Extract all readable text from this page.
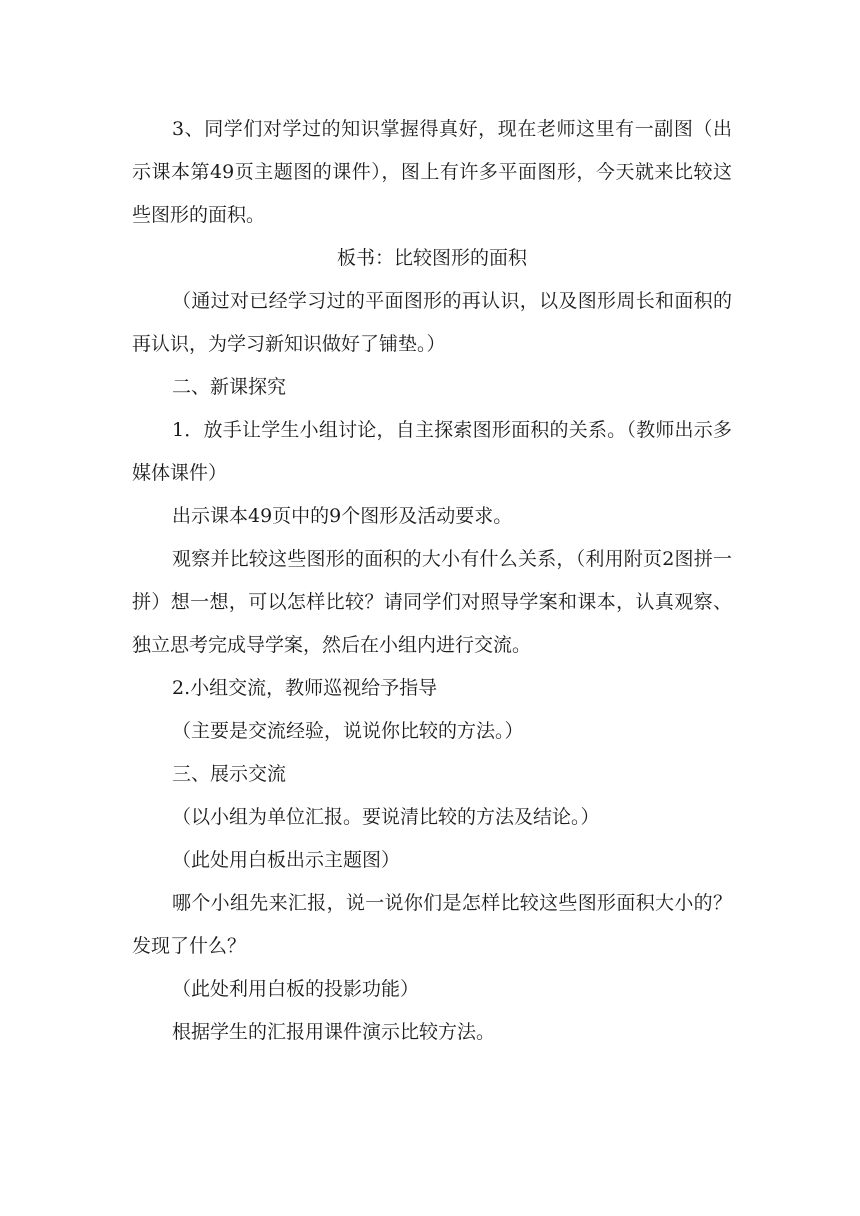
3、同学们对学过的知识掌握得真好，现在老师这里有一副图（出示课本第49页主题图的课件），图上有许多平面图形，今天就来比较这些图形的面积。

板书：比较图形的面积

（通过对已经学习过的平面图形的再认识，以及图形周长和面积的再认识，为学习新知识做好了铺垫。）

二、新课探究

1．放手让学生小组讨论，自主探索图形面积的关系。（教师出示多媒体课件）

出示课本49页中的9个图形及活动要求。

观察并比较这些图形的面积的大小有什么关系，（利用附页2图拼一拼）想一想，可以怎样比较？请同学们对照导学案和课本，认真观察、独立思考完成导学案，然后在小组内进行交流。

2.小组交流，教师巡视给予指导

（主要是交流经验，说说你比较的方法。）

三、展示交流

（以小组为单位汇报。要说清比较的方法及结论。）

（此处用白板出示主题图）

哪个小组先来汇报，说一说你们是怎样比较这些图形面积大小的？发现了什么？

（此处利用白板的投影功能）

根据学生的汇报用课件演示比较方法。
